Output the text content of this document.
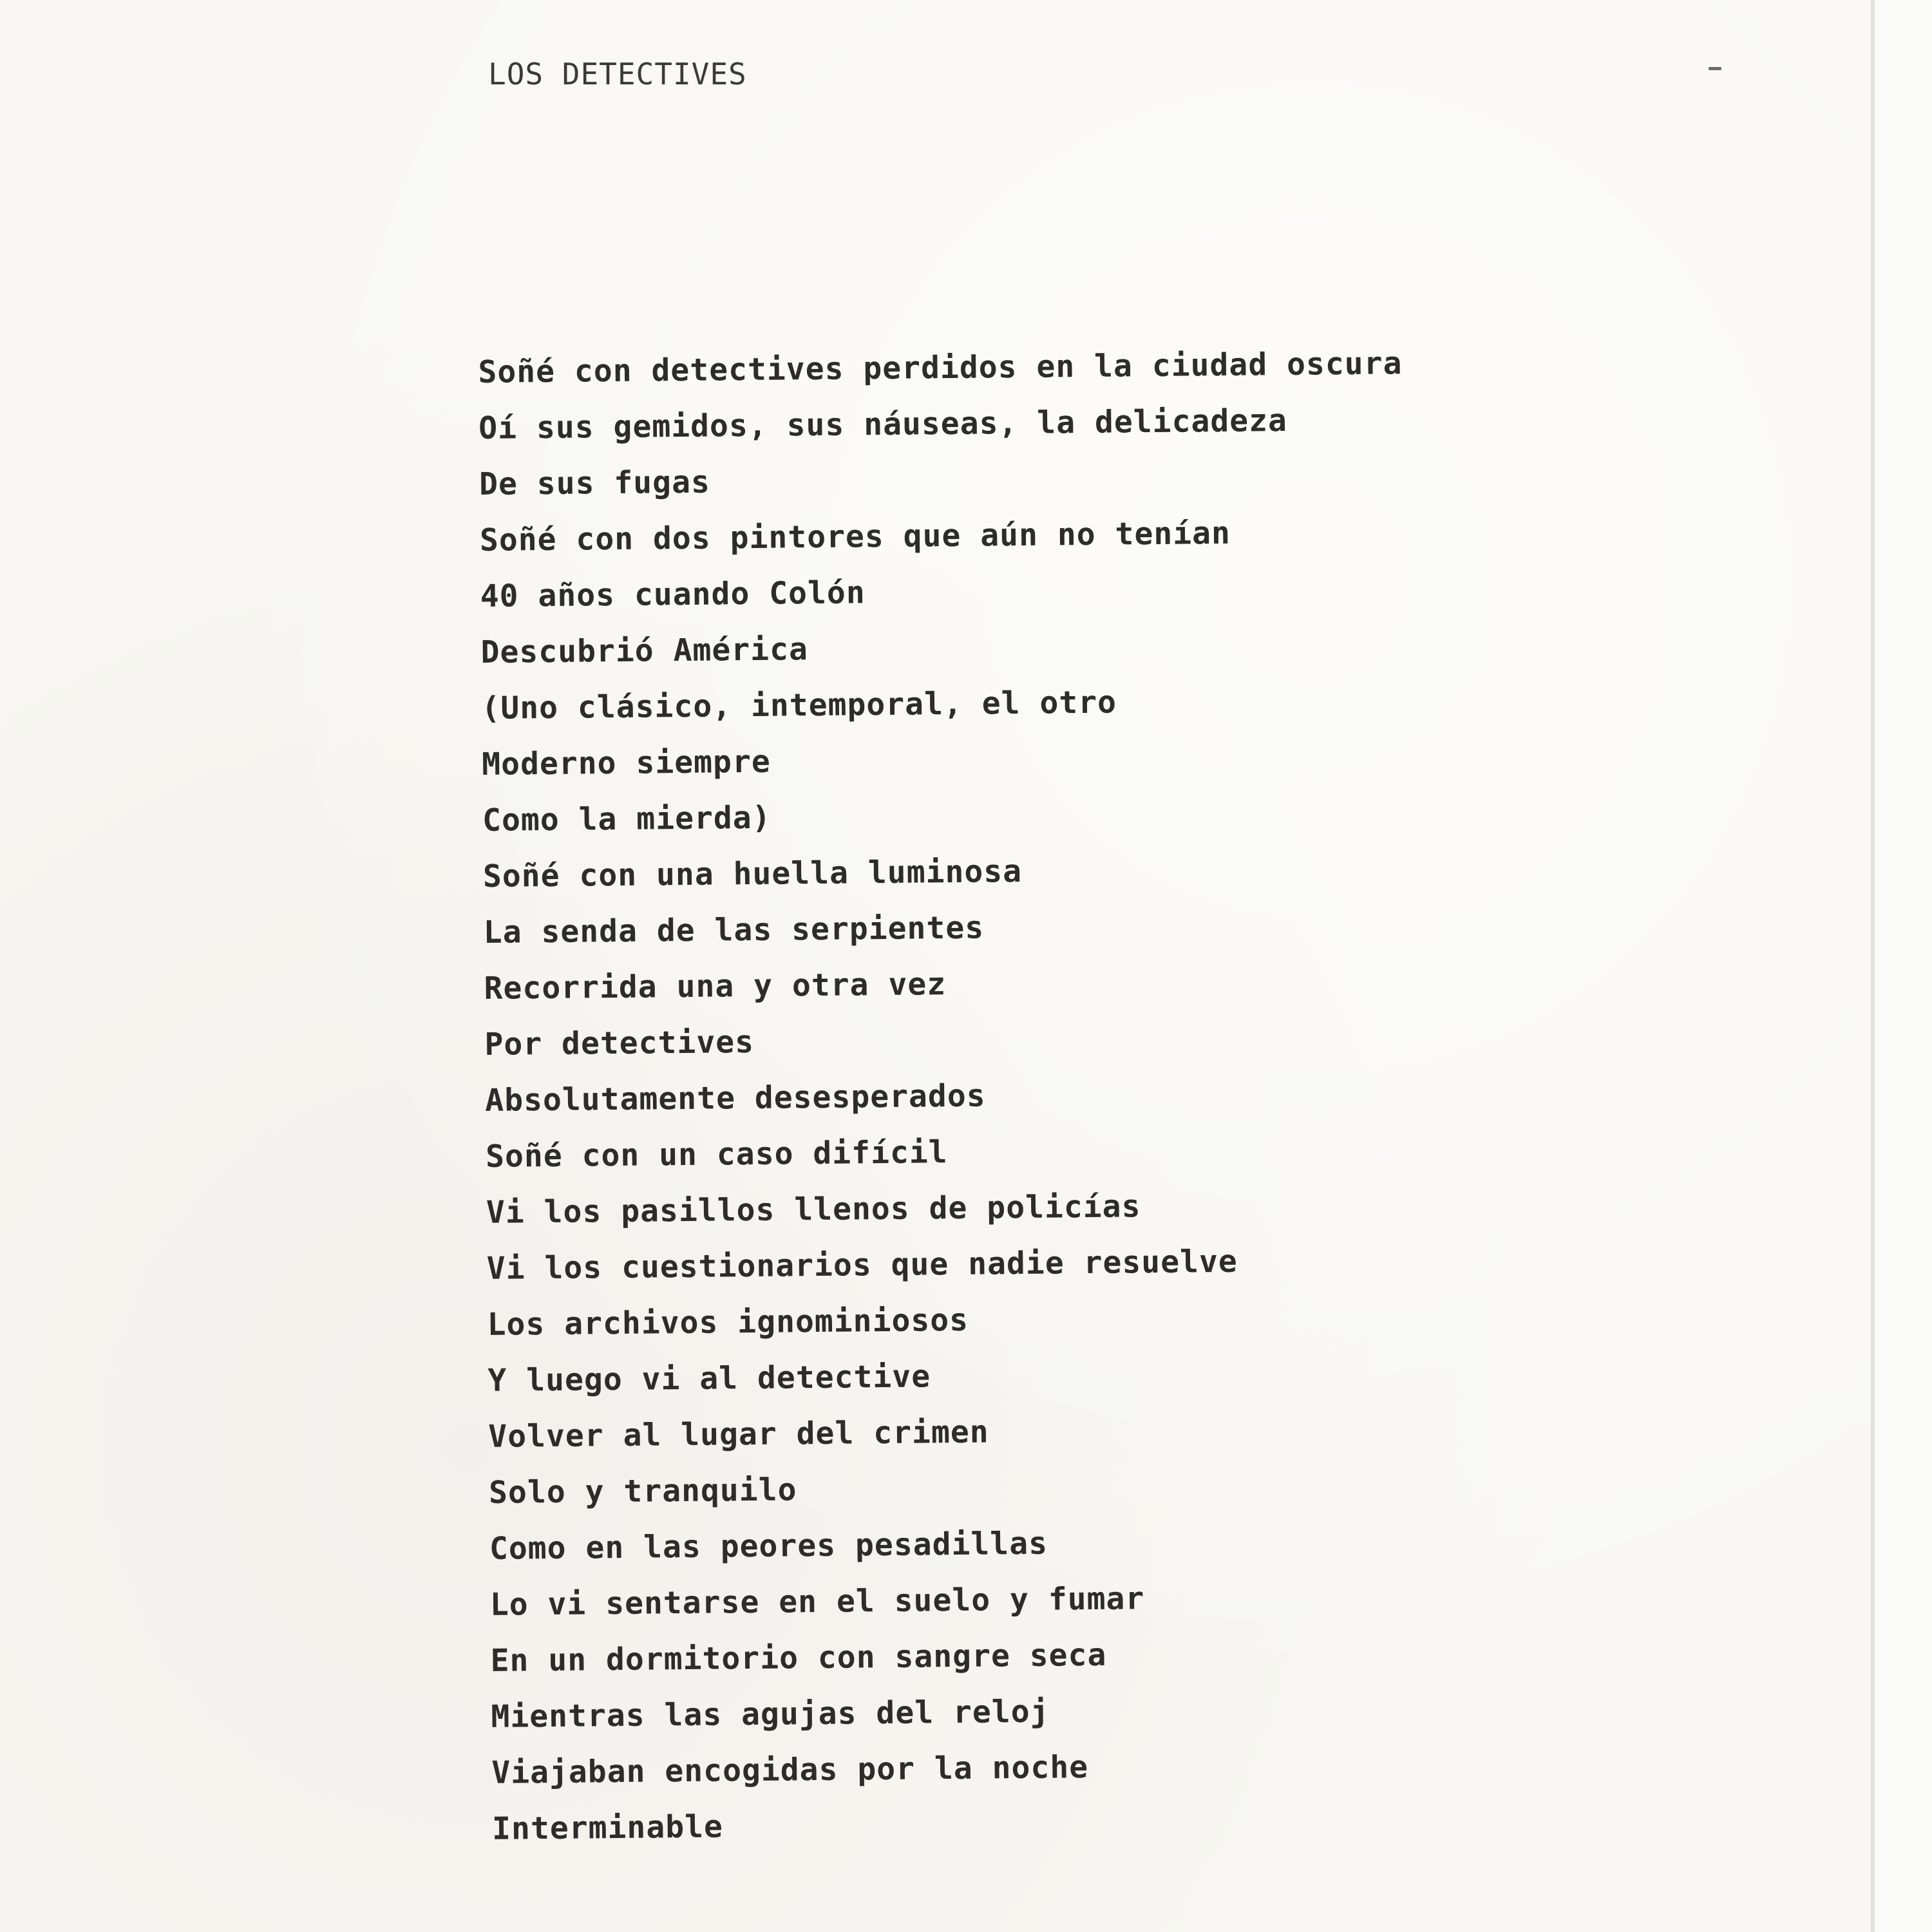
LOS DETECTIVES
Soñé con detectives perdidos en la ciudad oscura
Oí sus gemidos, sus náuseas, la delicadeza
De sus fugas
Soñé con dos pintores que aún no tenían
40 años cuando Colón
Descubrió América
(Uno clásico, intemporal, el otro
Moderno siempre
Como la mierda)
Soñé con una huella luminosa
La senda de las serpientes
Recorrida una y otra vez
Por detectives
Absolutamente desesperados
Soñé con un caso difícil
Vi los pasillos llenos de policías
Vi los cuestionarios que nadie resuelve
Los archivos ignominiosos
Y luego vi al detective
Volver al lugar del crimen
Solo y tranquilo
Como en las peores pesadillas
Lo vi sentarse en el suelo y fumar
En un dormitorio con sangre seca
Mientras las agujas del reloj
Viajaban encogidas por la noche
Interminable
